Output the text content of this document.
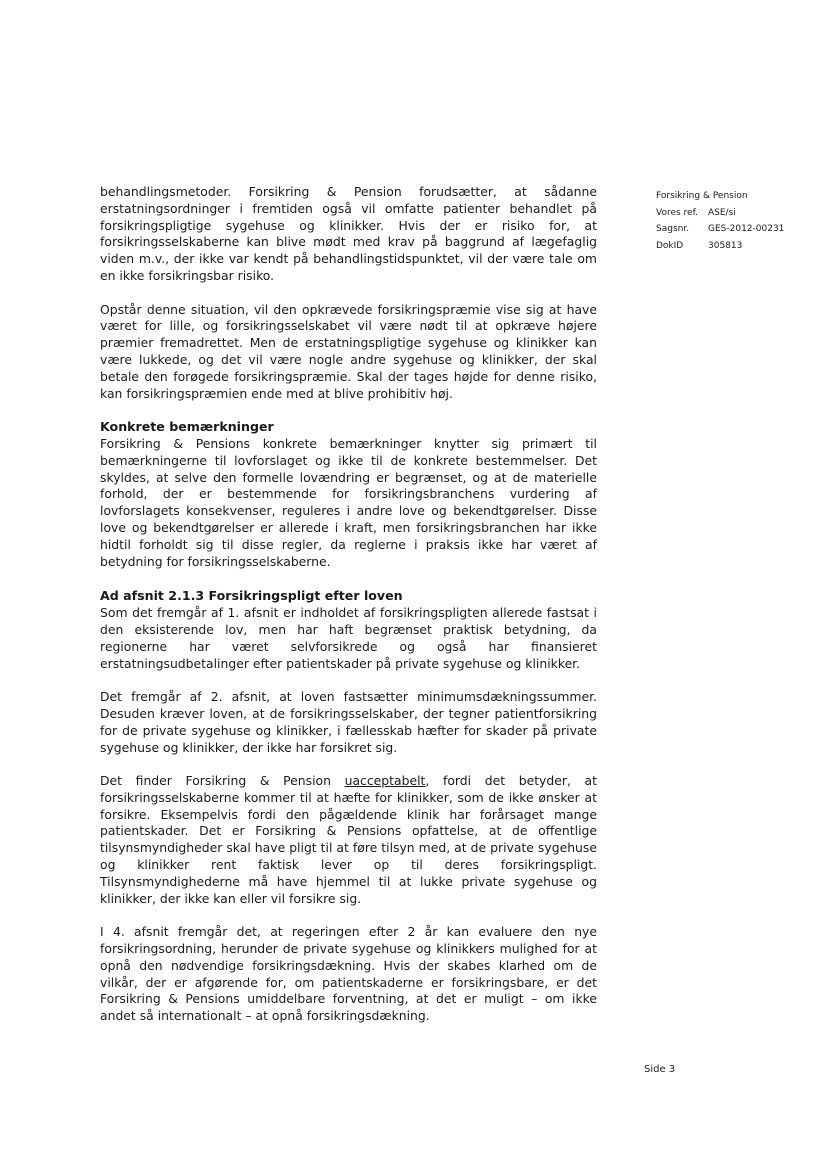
behandlingsmetoder. Forsikring & Pension forudsætter, at sådanne erstatningsordninger i fremtiden også vil omfatte patienter behandlet på forsikringspligtige sygehuse og klinikker. Hvis der er risiko for, at forsikringsselskaberne kan blive mødt med krav på baggrund af lægefaglig viden m.v., der ikke var kendt på behandlingstidspunktet, vil der være tale om en ikke forsikringsbar risiko.

Opstår denne situation, vil den opkrævede forsikringspræmie vise sig at have været for lille, og forsikringsselskabet vil være nødt til at opkræve højere præmier fremadrettet. Men de erstatningspligtige sygehuse og klinikker kan være lukkede, og det vil være nogle andre sygehuse og klinikker, der skal betale den forøgede forsikringspræmie. Skal der tages højde for denne risiko, kan forsikringspræmien ende med at blive prohibitiv høj.

Konkrete bemærkninger

Forsikring & Pensions konkrete bemærkninger knytter sig primært til bemærkningerne til lovforslaget og ikke til de konkrete bestemmelser. Det skyldes, at selve den formelle lovændring er begrænset, og at de materielle forhold, der er bestemmende for forsikringsbranchens vurdering af lovforslagets konsekvenser, reguleres i andre love og bekendtgørelser. Disse love og bekendtgørelser er allerede i kraft, men forsikringsbranchen har ikke hidtil forholdt sig til disse regler, da reglerne i praksis ikke har været af betydning for forsikringsselskaberne.

Ad afsnit 2.1.3 Forsikringspligt efter loven

Som det fremgår af 1. afsnit er indholdet af forsikringspligten allerede fastsat i den eksisterende lov, men har haft begrænset praktisk betydning, da regionerne har været selvforsikrede og også har finansieret erstatningsudbetalinger efter patientskader på private sygehuse og klinikker.

Det fremgår af 2. afsnit, at loven fastsætter minimumsdækningssummer. Desuden kræver loven, at de forsikringsselskaber, der tegner patientforsikring for de private sygehuse og klinikker, i fællesskab hæfter for skader på private sygehuse og klinikker, der ikke har forsikret sig.

Det finder Forsikring & Pension uacceptabelt, fordi det betyder, at forsikringsselskaberne kommer til at hæfte for klinikker, som de ikke ønsker at forsikre. Eksempelvis fordi den pågældende klinik har forårsaget mange patientskader. Det er Forsikring & Pensions opfattelse, at de offentlige tilsynsmyndigheder skal have pligt til at føre tilsyn med, at de private sygehuse og klinikker rent faktisk lever op til deres forsikringspligt. Tilsynsmyndighederne må have hjemmel til at lukke private sygehuse og klinikker, der ikke kan eller vil forsikre sig.

I 4. afsnit fremgår det, at regeringen efter 2 år kan evaluere den nye forsikringsordning, herunder de private sygehuse og klinikkers mulighed for at opnå den nødvendige forsikringsdækning. Hvis der skabes klarhed om de vilkår, der er afgørende for, om patientskaderne er forsikringsbare, er det Forsikring & Pensions umiddelbare forventning, at det er muligt – om ikke andet så internationalt – at opnå forsikringsdækning.

Forsikring & Pension
Vores ref.	ASE/si
Sagsnr.	GES-2012-00231
DokID	305813
Side 3
